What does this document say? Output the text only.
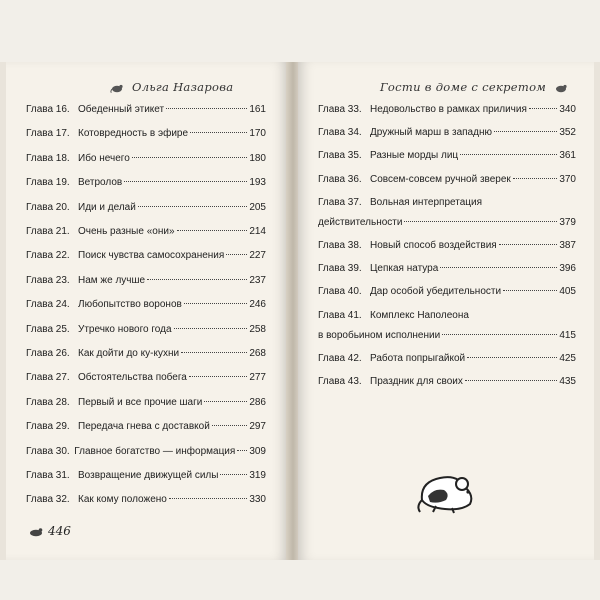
Ольга Назарова
Глава 16. Обеденный этикет	161
Глава 17. Котовредность в эфире	170
Глава 18. Ибо нечего	180
Глава 19. Ветролов	193
Глава 20. Иди и делай	205
Глава 21. Очень разные «они»	214
Глава 22. Поиск чувства самосохранения	227
Глава 23. Нам же лучше	237
Глава 24. Любопытство воронов	246
Глава 25. Утречко нового года	258
Глава 26. Как дойти до ку-кухни	268
Глава 27. Обстоятельства побега	277
Глава 28. Первый и все прочие шаги	286
Глава 29. Передача гнева с доставкой	297
Глава 30. Главное богатство — информация 309
Глава 31. Возвращение движущей силы	319
Глава 32. Как кому положено	330
446
Гости в доме с секретом
Глава 33. Недовольство в рамках приличия	340
Глава 34. Дружный марш в западню	352
Глава 35. Разные морды лиц	361
Глава 36. Совсем-совсем ручной зверек	370
Глава 37. Вольная интерпретация
действительности	379
Глава 38. Новый способ воздействия	387
Глава 39. Цепкая натура	396
Глава 40. Дар особой убедительности	405
Глава 41. Комплекс Наполеона
в воробьином исполнении	415
Глава 42. Работа попрыгайкой	425
Глава 43. Праздник для своих	435
